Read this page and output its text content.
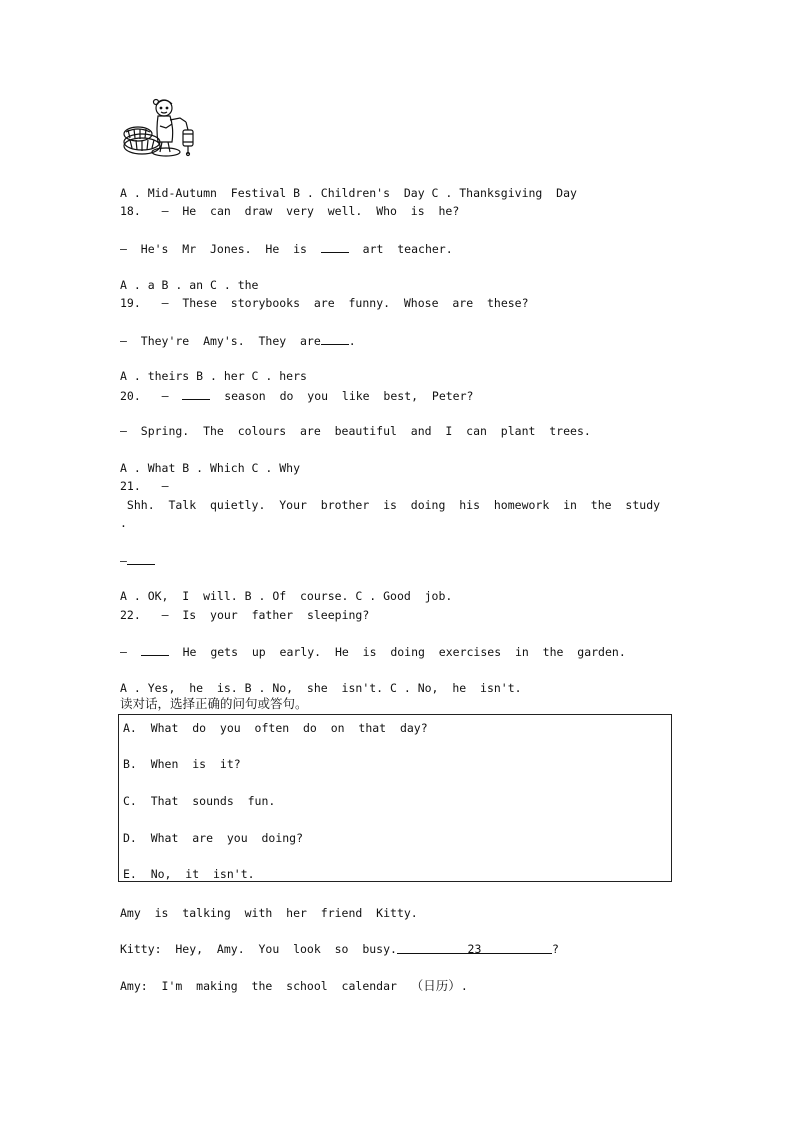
A . Mid-Autumn  Festival B . Children's  Day C . Thanksgiving  Day
18. —  He  can  draw  very  well.  Who  is  he?
—  He's  Mr  Jones.  He  is    art  teacher.
A . a B . an C . the
19. —  These  storybooks  are  funny.  Whose  are  these?
—  They're  Amy's.  They  are .
A . theirs B . her C . hers
20. —    season  do  you  like  best,  Peter?
—  Spring.  The  colours  are  beautiful  and  I  can  plant  trees.
A . What B . Which C . Why
21. —
Shh.  Talk  quietly.  Your  brother  is  doing  his  homework  in  the  study
.
—
A . OK,  I  will. B . Of  course. C . Good  job.
22. —  Is  your  father  sleeping?
—    He  gets  up  early.  He  is  doing  exercises  in  the  garden.
A . Yes,  he  is. B . No,  she  isn't. C . No,  he  isn't.
读对话，选择正确的问句或答句。
A.  What  do  you  often  do  on  that  day?
B.  When  is  it?
C.  That  sounds  fun.
D.  What  are  you  doing?
E.  No,  it  isn't.
Amy  is  talking  with  her  friend  Kitty.
Kitty:  Hey,  Amy.  You  look  so  busy.	23	?
Amy:  I'm  making  the  school  calendar  （日历）.
